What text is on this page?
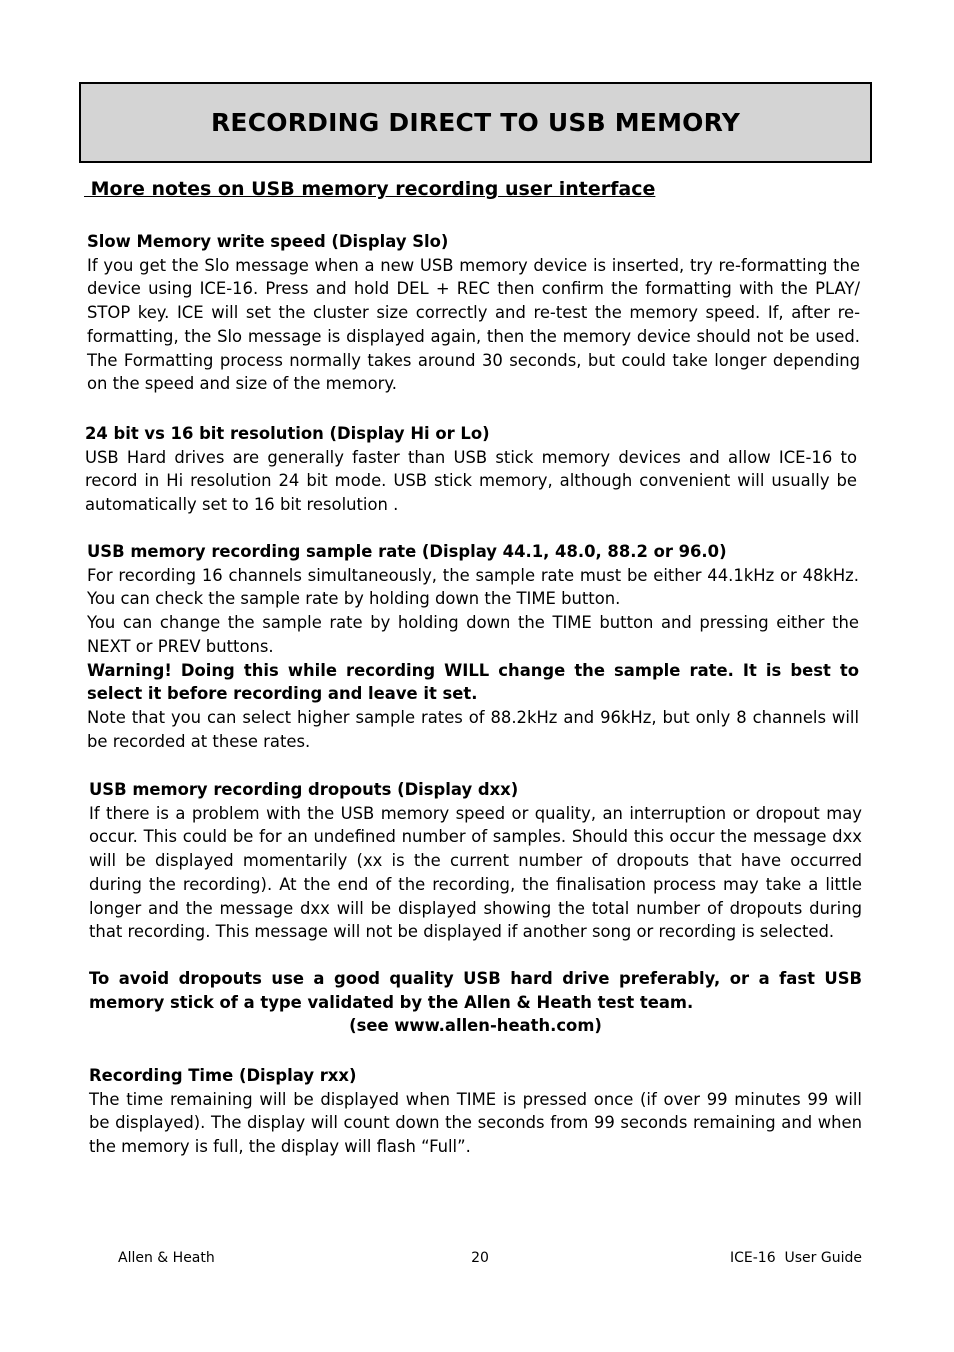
RECORDING DIRECT TO USB MEMORY
More notes on USB memory recording user interface

Slow Memory write speed (Display Slo)

If you get the Slo message when a new USB memory device is inserted, try re-formatting the device using ICE-16. Press and hold DEL + REC then confirm the formatting with the PLAY/ STOP key. ICE will set the cluster size correctly and re-test the memory speed. If, after re-formatting, the Slo message is displayed again, then the memory device should not be used. The Formatting process normally takes around 30 seconds, but could take longer depending on the speed and size of the memory.

24 bit vs 16 bit resolution (Display Hi or Lo)

USB Hard drives are generally faster than USB stick memory devices and allow ICE-16 to record in Hi resolution 24 bit mode. USB stick memory, although convenient will usually be automatically set to 16 bit resolution .

USB memory recording sample rate (Display 44.1, 48.0, 88.2 or 96.0)

For recording 16 channels simultaneously, the sample rate must be either 44.1kHz or 48kHz. You can check the sample rate by holding down the TIME button.

You can change the sample rate by holding down the TIME button and pressing either the NEXT or PREV buttons.

Warning! Doing this while recording WILL change the sample rate. It is best to select it before recording and leave it set.

Note that you can select higher sample rates of 88.2kHz and 96kHz, but only 8 channels will be recorded at these rates.

USB memory recording dropouts (Display dxx)

If there is a problem with the USB memory speed or quality, an interruption or dropout may occur. This could be for an undefined number of samples. Should this occur the message dxx will be displayed momentarily (xx is the current number of dropouts that have occurred during the recording). At the end of the recording, the finalisation process may take a little longer and the message dxx will be displayed showing the total number of dropouts during that recording. This message will not be displayed if another song or recording is selected.

To avoid dropouts use a good quality USB hard drive preferably, or a fast USB memory stick of a type validated by the Allen & Heath test team.

(see www.allen-heath.com)

Recording Time (Display rxx)

The time remaining will be displayed when TIME is pressed once (if over 99 minutes 99 will be displayed). The display will count down the seconds from 99 seconds remaining and when the memory is full, the display will flash “Full”.

Allen & Heath	20	ICE-16  User Guide
